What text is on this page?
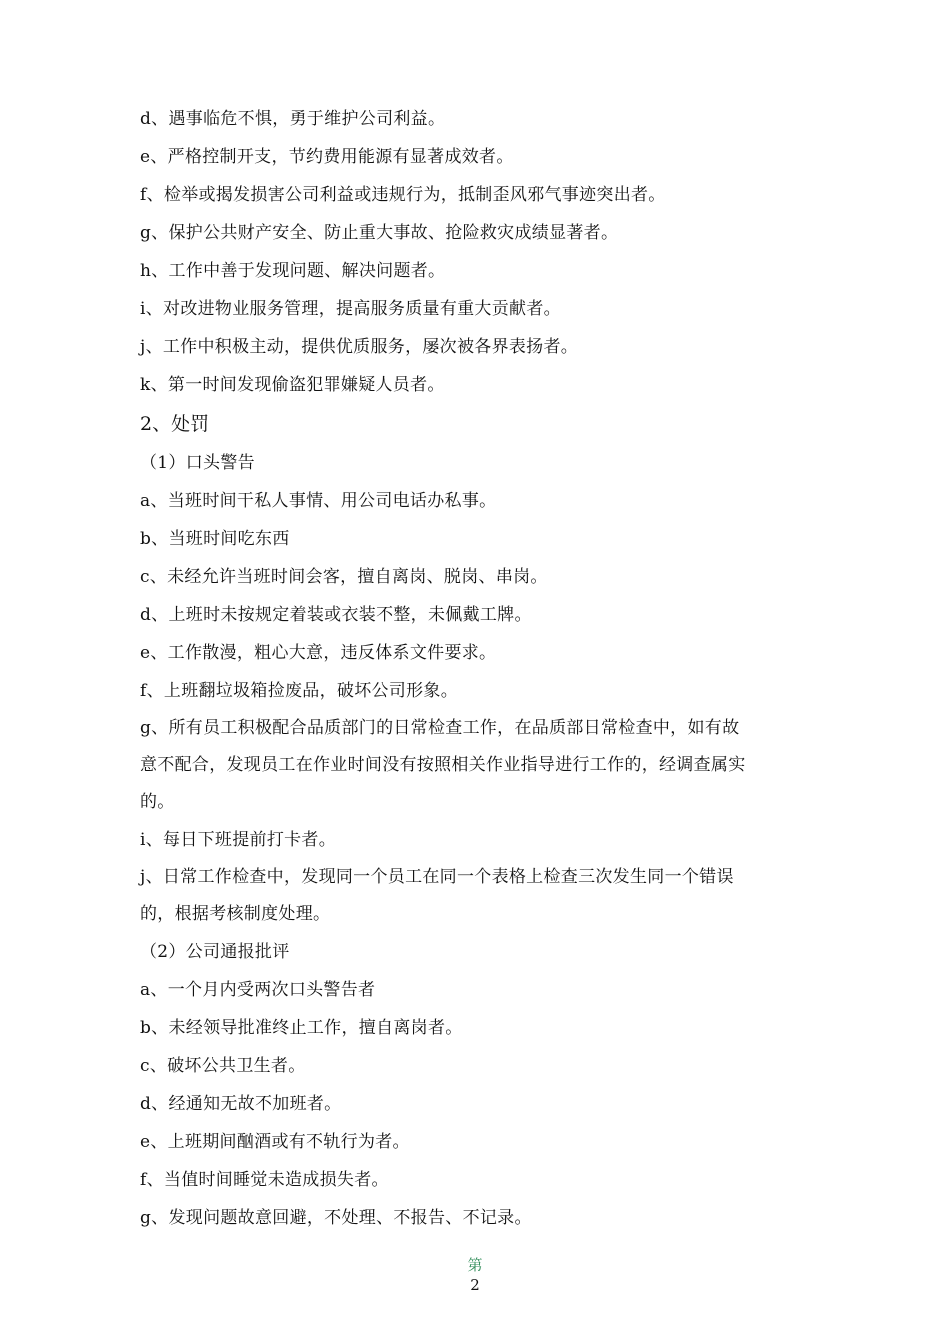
d、遇事临危不惧，勇于维护公司利益。
e、严格控制开支，节约费用能源有显著成效者。
f、检举或揭发损害公司利益或违规行为，抵制歪风邪气事迹突出者。
g、保护公共财产安全、防止重大事故、抢险救灾成绩显著者。
h、工作中善于发现问题、解决问题者。
i、对改进物业服务管理，提高服务质量有重大贡献者。
j、工作中积极主动，提供优质服务，屡次被各界表扬者。
k、第一时间发现偷盗犯罪嫌疑人员者。
2、处罚
（1）口头警告
a、当班时间干私人事情、用公司电话办私事。
b、当班时间吃东西
c、未经允许当班时间会客，擅自离岗、脱岗、串岗。
d、上班时未按规定着装或衣装不整，未佩戴工牌。
e、工作散漫，粗心大意，违反体系文件要求。
f、上班翻垃圾箱捡废品，破坏公司形象。
g、所有员工积极配合品质部门的日常检查工作，在品质部日常检查中，如有故
意不配合，发现员工在作业时间没有按照相关作业指导进行工作的，经调查属实
的。
i、每日下班提前打卡者。
j、日常工作检查中，发现同一个员工在同一个表格上检查三次发生同一个错误
的，根据考核制度处理。
（2）公司通报批评
a、一个月内受两次口头警告者
b、未经领导批准终止工作，擅自离岗者。
c、破坏公共卫生者。
d、经通知无故不加班者。
e、上班期间酗酒或有不轨行为者。
f、当值时间睡觉未造成损失者。
g、发现问题故意回避，不处理、不报告、不记录。
第
2
